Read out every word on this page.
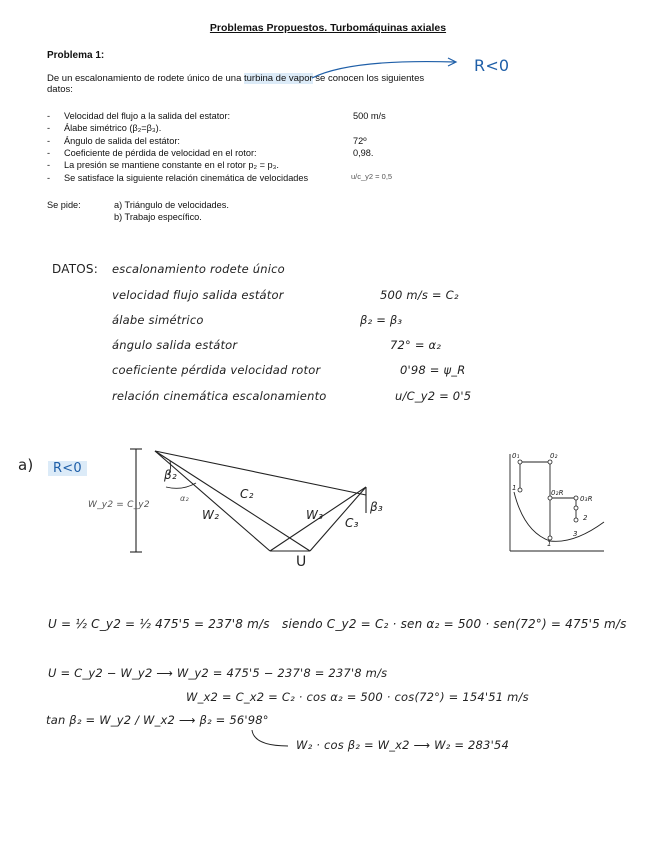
Problemas Propuestos. Turbomáquinas axiales
Problema 1:
De un escalonamiento de rodete único de una turbina de vapor se conocen los siguientes datos:
R<0
- Velocidad del flujo a la salida del estator:	500 m/s
- Álabe simétrico (β₂=β₃).
- Ángulo de salida del estátor:	72º
- Coeficiente de pérdida de velocidad en el rotor:	0,98.
- La presión se mantiene constante en el rotor p₂ = p₃.
- Se satisface la siguiente relación cinemática de velocidades	u/c_y2 = 0,5
Se pide:	a) Triángulo de velocidades.
b) Trabajo específico.
DATOS: escalonamiento rodete único
velocidad flujo salida estátor	500 m/s = C₂
álabe simétrico	β₂ = β₃
ángulo salida estátor	72° = α₂
coeficiente pérdida velocidad rotor	0'98 = ψ_R
relación cinemática escalonamiento	u/C_y2 = 0'5
a)	R<0
W_y2 = C_y2
β₂
α₂
W₂
C₂
W₃
C₃
β₃
U
0₁	0₂
1
0₂R
0₃R
2
1
3
U = ½ C_y2 = ½ 475'5 = 237'8 m/s siendo C_y2 = C₂ · sen α₂ = 500 · sen(72°) = 475'5 m/s
U = C_y2 − W_y2 ⟶ W_y2 = 475'5 − 237'8 = 237'8 m/s
W_x2 = C_x2 = C₂ · cos α₂ = 500 · cos(72°) = 154'51 m/s
tan β₂ = W_y2 / W_x2 ⟶ β₂ = 56'98°
W₂ · cos β₂ = W_x2 ⟶ W₂ = 283'54
